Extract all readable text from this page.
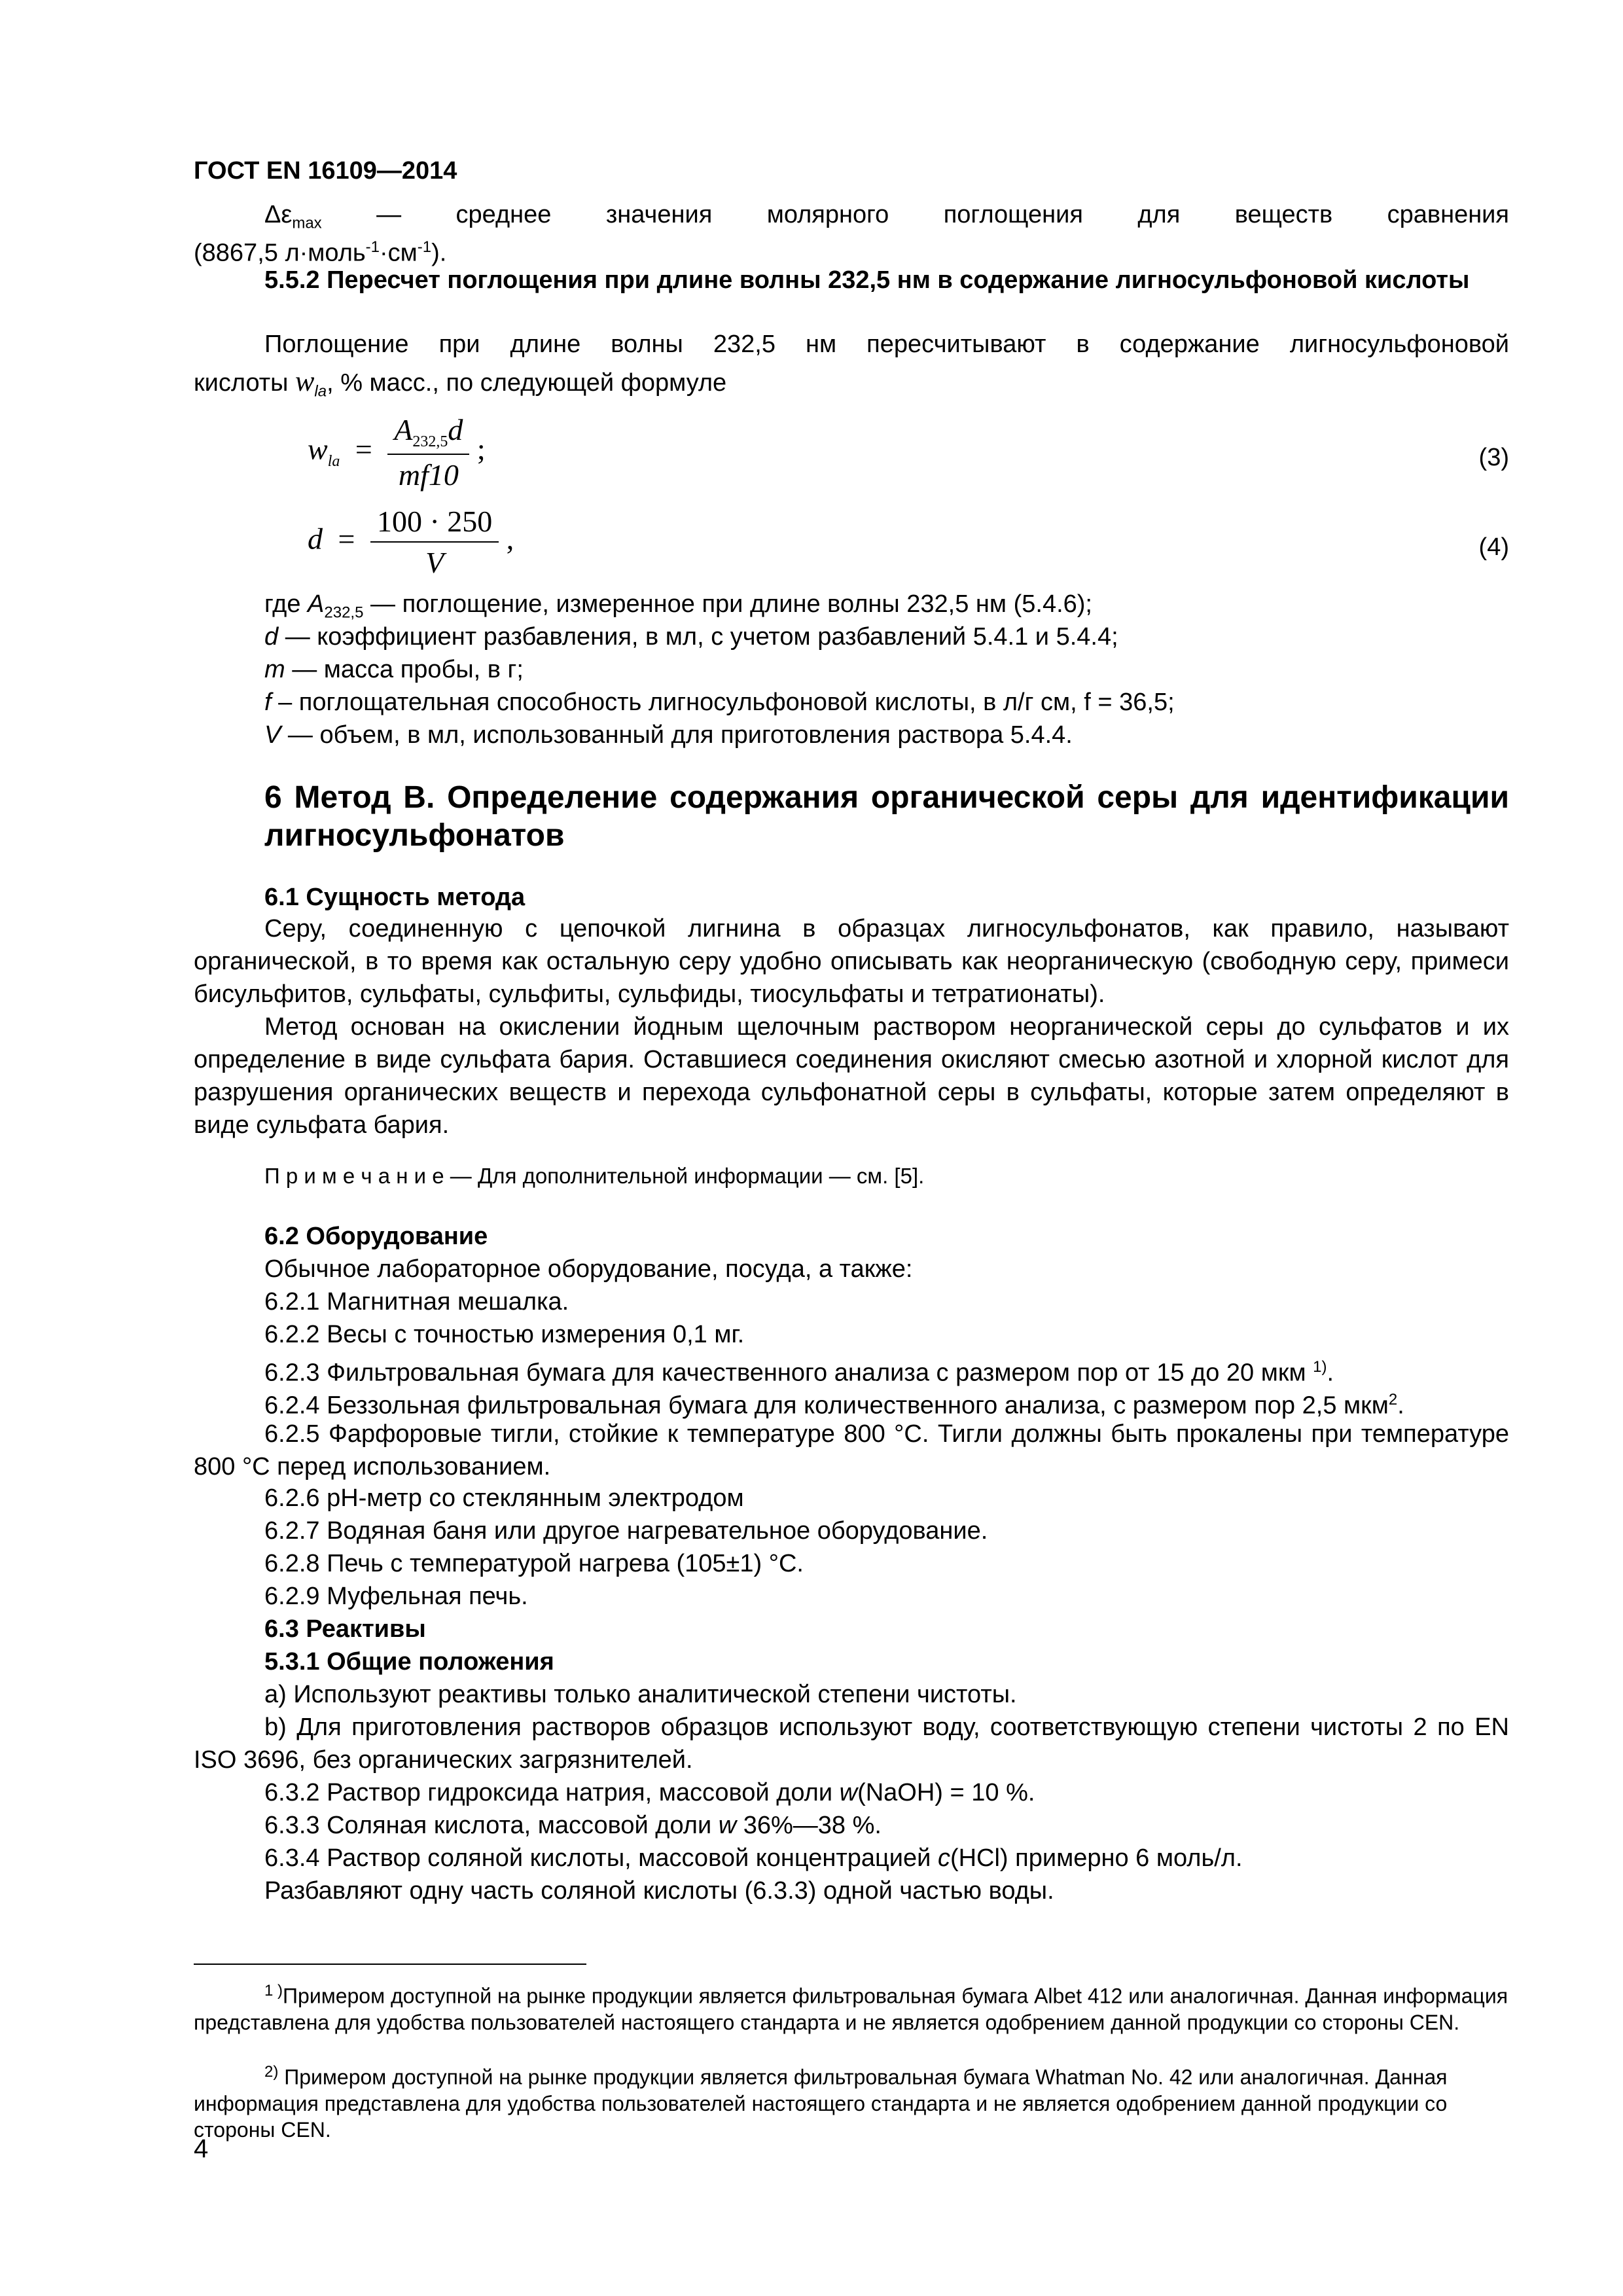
ГОСТ EN 16109—2014
$\Delta\varepsilon_{max}$ — среднее значения молярного поглощения для веществ сравнения
(8867,5 $л\cdot моль^{-1}\cdot см^{-1}$).
5.5.2 Пересчет поглощения при длине волны 232,5 нм в содержание лигносульфоновой кислоты
Поглощение при длине волны 232,5 нм пересчитывают в содержание лигносульфоновой
кислоты $w_{la}$, % масс., по следующей формуле
$w_{la} = \frac{A_{232,5}d}{mf10}$ ;	(3)
$d = \frac{100 \cdot 250}{V}$ ,	(4)
где $A_{232,5}$ — поглощение, измеренное при длине волны 232,5 нм (5.4.6);
d — коэффициент разбавления, в мл, с учетом разбавлений 5.4.1 и 5.4.4;
m — масса пробы, в г;
f – поглощательная способность лигносульфоновой кислоты, в л/г см, f = 36,5;
V — объем, в мл, использованный для приготовления раствора 5.4.4.
6 Метод В. Определение содержания органической серы для идентификации лигносульфонатов
6.1 Сущность метода
Серу, соединенную с цепочкой лигнина в образцах лигносульфонатов, как правило, называют органической, в то время как остальную серу удобно описывать как неорганическую (свободную серу, примеси бисульфитов, сульфаты, сульфиты, сульфиды, тиосульфаты и тетратионаты).
Метод основан на окислении йодным щелочным раствором неорганической серы до сульфатов и их определение в виде сульфата бария. Оставшиеся соединения окисляют смесью азотной и хлорной кислот для разрушения органических веществ и перехода сульфонатной серы в сульфаты, которые затем определяют в виде сульфата бария.
П р и м е ч а н и е — Для дополнительной информации — см. [5].
6.2 Оборудование
Обычное лабораторное оборудование, посуда, а также:
6.2.1 Магнитная мешалка.
6.2.2 Весы с точностью измерения 0,1 мг.
6.2.3 Фильтровальная бумага для качественного анализа с размером пор от 15 до 20 мкм $^{1)}$.
6.2.4 Беззольная фильтровальная бумага для количественного анализа, с размером пор 2,5 мкм$^2$.
6.2.5 Фарфоровые тигли, стойкие к температуре 800 °С. Тигли должны быть прокалены при температуре 800 °С перед использованием.
6.2.6 pH-метр со стеклянным электродом
6.2.7 Водяная баня или другое нагревательное оборудование.
6.2.8 Печь с температурой нагрева (105±1) °С.
6.2.9 Муфельная печь.
6.3 Реактивы
5.3.1 Общие положения
a) Используют реактивы только аналитической степени чистоты.
b) Для приготовления растворов образцов используют воду, соответствующую степени чистоты 2 по EN ISO 3696, без органических загрязнителей.
6.3.2 Раствор гидроксида натрия, массовой доли w(NaOH) = 10 %.
6.3.3 Соляная кислота, массовой доли w 36%—38 %.
6.3.4 Раствор соляной кислоты, массовой концентрацией c(HCl) примерно 6 моль/л.
Разбавляют одну часть соляной кислоты (6.3.3) одной частью воды.
$^{1 )}$Примером доступной на рынке продукции является фильтровальная бумага Albet 412 или аналогичная. Данная информация представлена для удобства пользователей настоящего стандарта и не является одобрением данной продукции со стороны CEN.
$^{2)}$ Примером доступной на рынке продукции является фильтровальная бумага Whatman No. 42 или аналогичная. Данная информация представлена для удобства пользователей настоящего стандарта и не является одобрением данной продукции со стороны CEN.
4
